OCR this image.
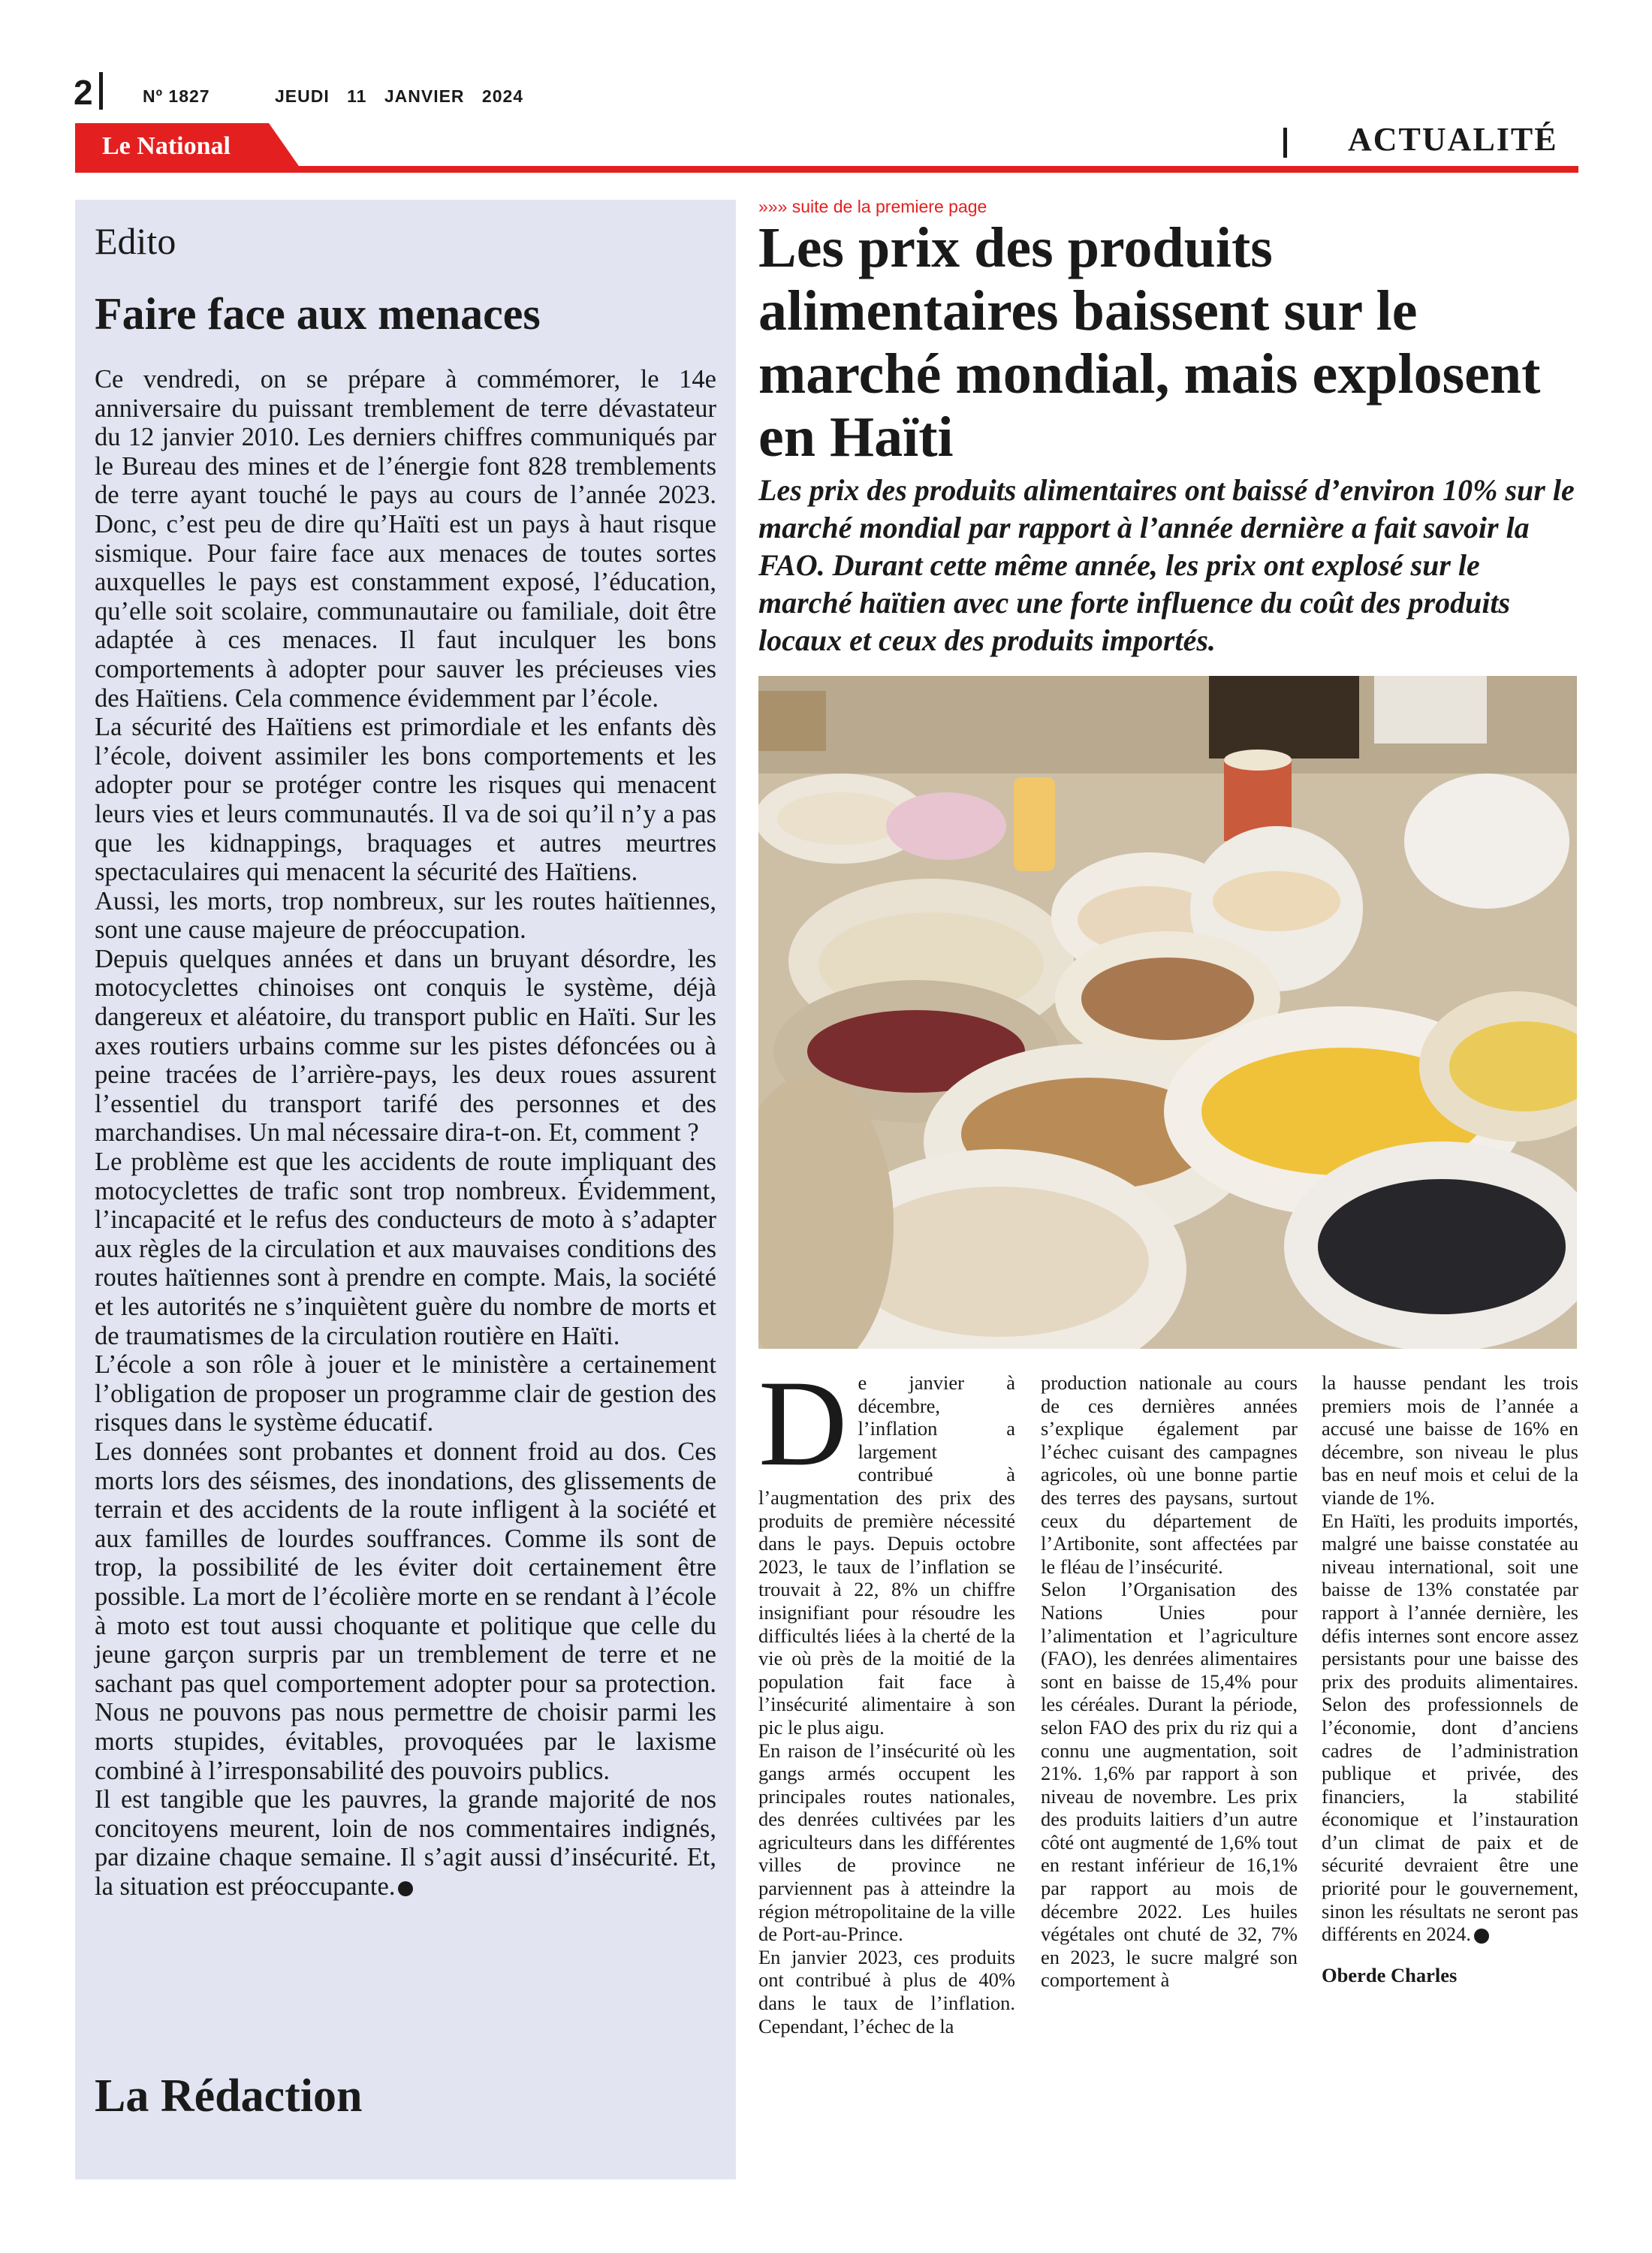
2	Nº 1827	JEUDI 11 JANVIER 2024
Le National	ACTUALITÉ
Edito
Faire face aux menaces

Ce vendredi, on se prépare à commémorer, le 14e anniversaire du puissant tremblement de terre dévastateur du 12 janvier 2010. Les derniers chiffres communiqués par le Bureau des mines et de l’énergie font 828 tremblements de terre ayant touché le pays au cours de l’année 2023. Donc, c’est peu de dire qu’Haïti est un pays à haut risque sismique. Pour faire face aux menaces de toutes sortes auxquelles le pays est constamment exposé, l’éducation, qu’elle soit scolaire, communautaire ou familiale, doit être adaptée à ces menaces. Il faut inculquer les bons comportements à adopter pour sauver les précieuses vies des Haïtiens. Cela commence évidemment par l’école.

La sécurité des Haïtiens est primordiale et les enfants dès l’école, doivent assimiler les bons comportements et les adopter pour se protéger contre les risques qui menacent leurs vies et leurs communautés. Il va de soi qu’il n’y a pas que les kidnappings, braquages et autres meurtres spectaculaires qui menacent la sécurité des Haïtiens.

Aussi, les morts, trop nombreux, sur les routes haïtiennes, sont une cause majeure de préoccupation.

Depuis quelques années et dans un bruyant désordre, les motocyclettes chinoises ont conquis le système, déjà dangereux et aléatoire, du transport public en Haïti. Sur les axes routiers urbains comme sur les pistes défoncées ou à peine tracées de l’arrière-pays, les deux roues assurent l’essentiel du transport tarifé des personnes et des marchandises. Un mal nécessaire dira-t-on. Et, comment ?

Le problème est que les accidents de route impliquant des motocyclettes de trafic sont trop nombreux. Évidemment, l’incapacité et le refus des conducteurs de moto à s’adapter aux règles de la circulation et aux mauvaises conditions des routes haïtiennes sont à prendre en compte. Mais, la société et les autorités ne s’inquiètent guère du nombre de morts et de traumatismes de la circulation routière en Haïti.

L’école a son rôle à jouer et le ministère a certainement l’obligation de proposer un programme clair de gestion des risques dans le système éducatif.

Les données sont probantes et donnent froid au dos. Ces morts lors des séismes, des inondations, des glissements de terrain et des accidents de la route infligent à la société et aux familles de lourdes souffrances. Comme ils sont de trop, la possibilité de les éviter doit certainement être possible. La mort de l’écolière morte en se rendant à l’école à moto est tout aussi choquante et politique que celle du jeune garçon surpris par un tremblement de terre et ne sachant pas quel comportement adopter pour sa protection. Nous ne pouvons pas nous permettre de choisir parmi les morts stupides, évitables, provoquées par le laxisme combiné à l’irresponsabilité des pouvoirs publics.

Il est tangible que les pauvres, la grande majorité de nos concitoyens meurent, loin de nos commentaires indignés, par dizaine chaque semaine. Il s’agit aussi d’insécurité. Et, la situation est préoccupante.

La Rédaction
»»» suite de la premiere page
Les prix des produits alimentaires baissent sur le marché mondial, mais explosent en Haïti

Les prix des produits alimentaires ont baissé d’environ 10% sur le marché mondial par rapport à l’année dernière a fait savoir la FAO. Durant cette même année, les prix ont explosé sur le marché haïtien avec une forte influence du coût des produits locaux et ceux des produits importés.

De janvier à décembre, l’inflation a largement contribué à l’augmentation des prix des produits de première nécessité dans le pays. Depuis octobre 2023, le taux de l’inflation se trouvait à 22, 8% un chiffre insignifiant pour résoudre les difficultés liées à la cherté de la vie où près de la moitié de la population fait face à l’insécurité alimentaire à son pic le plus aigu.

En raison de l’insécurité où les gangs armés occupent les principales routes nationales, des denrées cultivées par les agriculteurs dans les différentes villes de province ne parviennent pas à atteindre la région métropolitaine de la ville de Port-au-Prince.

En janvier 2023, ces produits ont contribué à plus de 40% dans le taux de l’inflation. Cependant, l’échec de la

production nationale au cours de ces dernières années s’explique également par l’échec cuisant des campagnes agricoles, où une bonne partie des terres des paysans, surtout ceux du département de l’Artibonite, sont affectées par le fléau de l’insécurité.

Selon l’Organisation des Nations Unies pour l’alimentation et l’agriculture (FAO), les denrées alimentaires sont en baisse de 15,4% pour les céréales. Durant la période, selon FAO des prix du riz qui a connu une augmentation, soit 21%. 1,6% par rapport à son niveau de novembre. Les prix des produits laitiers d’un autre côté ont augmenté de 1,6% tout en restant inférieur de 16,1% par rapport au mois de décembre 2022. Les huiles végétales ont chuté de 32, 7% en 2023, le sucre malgré son comportement à

la hausse pendant les trois premiers mois de l’année a accusé une baisse de 16% en décembre, son niveau le plus bas en neuf mois et celui de la viande de 1%.

En Haïti, les produits importés, malgré une baisse constatée au niveau international, soit une baisse de 13% constatée par rapport à l’année dernière, les défis internes sont encore assez persistants pour une baisse des prix des produits alimentaires. Selon des professionnels de l’économie, dont d’anciens cadres de l’administration publique et privée, des financiers, la stabilité économique et l’instauration d’un climat de paix et de sécurité devraient être une priorité pour le gouvernement, sinon les résultats ne seront pas différents en 2024.

Oberde Charles
